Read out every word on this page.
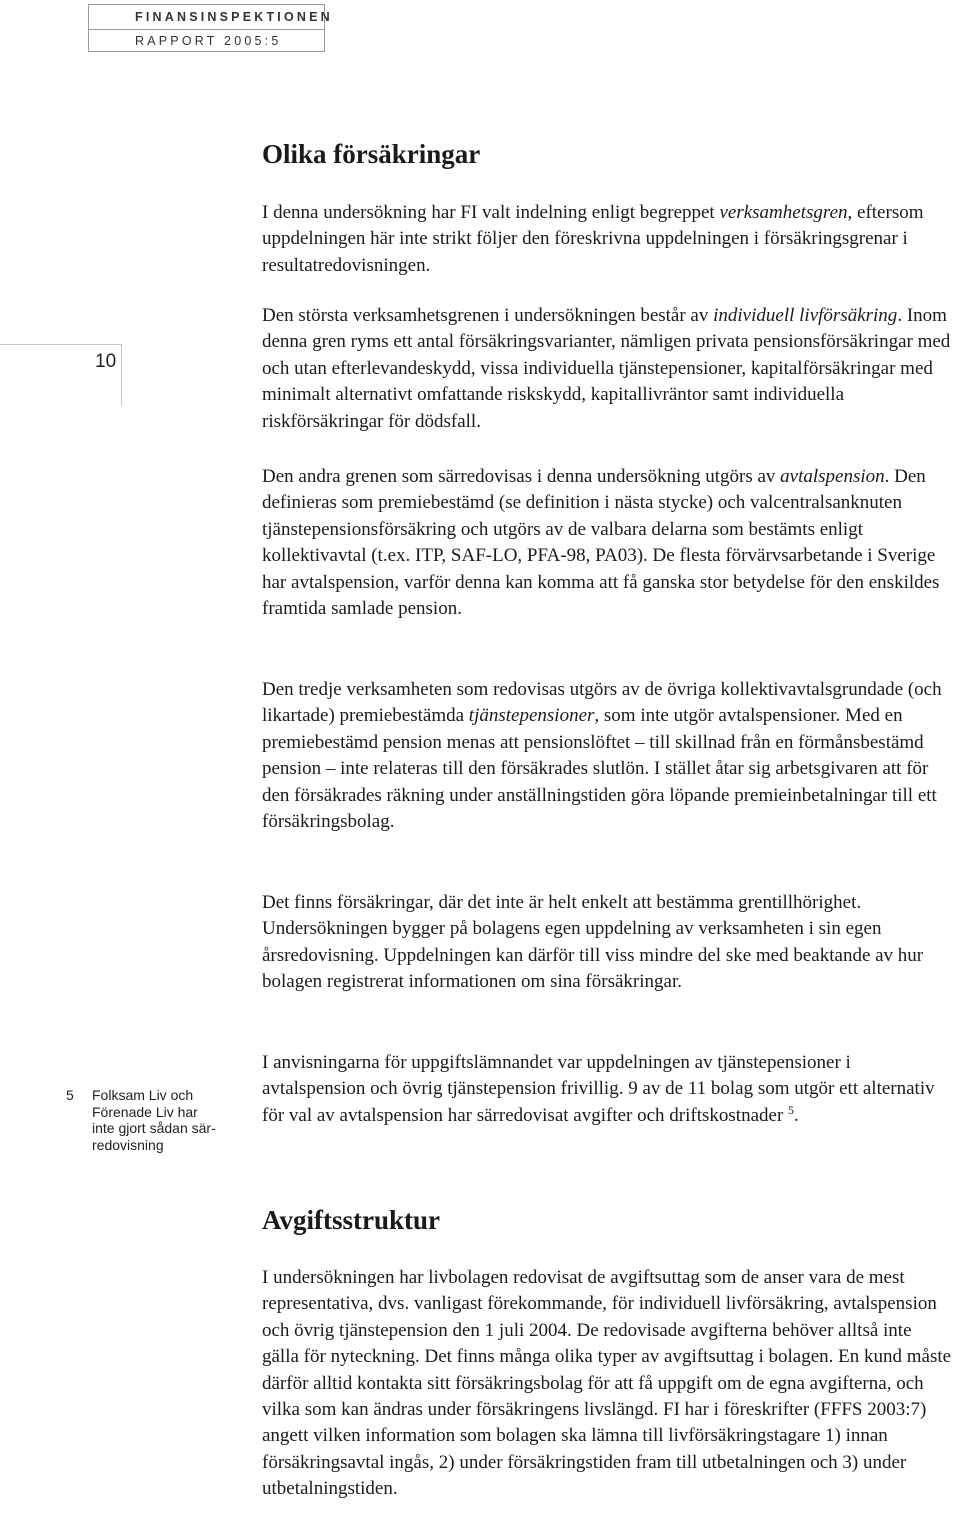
FINANSINSPEKTIONEN
RAPPORT 2005:5
10
Olika försäkringar

I denna undersökning har FI valt indelning enligt begreppet verksamhetsgren, eftersom uppdelningen här inte strikt följer den föreskrivna uppdelningen i försäkringsgrenar i resultatredovisningen.

Den största verksamhetsgrenen i undersökningen består av individuell livförsäkring. Inom denna gren ryms ett antal försäkringsvarianter, nämligen privata pensionsförsäkringar med och utan efterlevandeskydd, vissa individuella tjänstepensioner, kapitalförsäkringar med minimalt alternativt omfattande riskskydd, kapitallivräntor samt individuella riskförsäkringar för dödsfall.

Den andra grenen som särredovisas i denna undersökning utgörs av avtalspension. Den definieras som premiebestämd (se definition i nästa stycke) och valcentralsanknuten tjänstepensionsförsäkring och utgörs av de valbara delarna som bestämts enligt kollektivavtal (t.ex. ITP, SAF-LO, PFA-98, PA03). De flesta förvärvsarbetande i Sverige har avtalspension, varför denna kan komma att få ganska stor betydelse för den enskildes framtida samlade pension.

Den tredje verksamheten som redovisas utgörs av de övriga kollektivavtalsgrundade (och likartade) premiebestämda tjänstepensioner, som inte utgör avtalspensioner. Med en premiebestämd pension menas att pensionslöftet – till skillnad från en förmånsbestämd pension – inte relateras till den försäkrades slutlön. I stället åtar sig arbetsgivaren att för den försäkrades räkning under anställningstiden göra löpande premieinbetalningar till ett försäkringsbolag.

Det finns försäkringar, där det inte är helt enkelt att bestämma grentillhörighet. Undersökningen bygger på bolagens egen uppdelning av verksamheten i sin egen årsredovisning. Uppdelningen kan därför till viss mindre del ske med beaktande av hur bolagen registrerat informationen om sina försäkringar.

I anvisningarna för uppgiftslämnandet var uppdelningen av tjänstepensioner i avtalspension och övrig tjänstepension frivillig. 9 av de 11 bolag som utgör ett alternativ för val av avtalspension har särredovisat avgifter och driftskostnader $^5$.

5 Folksam Liv och Förenade Liv har inte gjort sådan särredovisning
Avgiftsstruktur

I undersökningen har livbolagen redovisat de avgiftsuttag som de anser vara de mest representativa, dvs. vanligast förekommande, för individuell livförsäkring, avtalspension och övrig tjänstepension den 1 juli 2004. De redovisade avgifterna behöver alltså inte gälla för nyteckning. Det finns många olika typer av avgiftsuttag i bolagen. En kund måste därför alltid kontakta sitt försäkringsbolag för att få uppgift om de egna avgifterna, och vilka som kan ändras under försäkringens livslängd. FI har i föreskrifter (FFFS 2003:7) angett vilken information som bolagen ska lämna till livförsäkringstagare 1) innan försäkringsavtal ingås, 2) under försäkringstiden fram till utbetalningen och 3) under utbetalningstiden.
